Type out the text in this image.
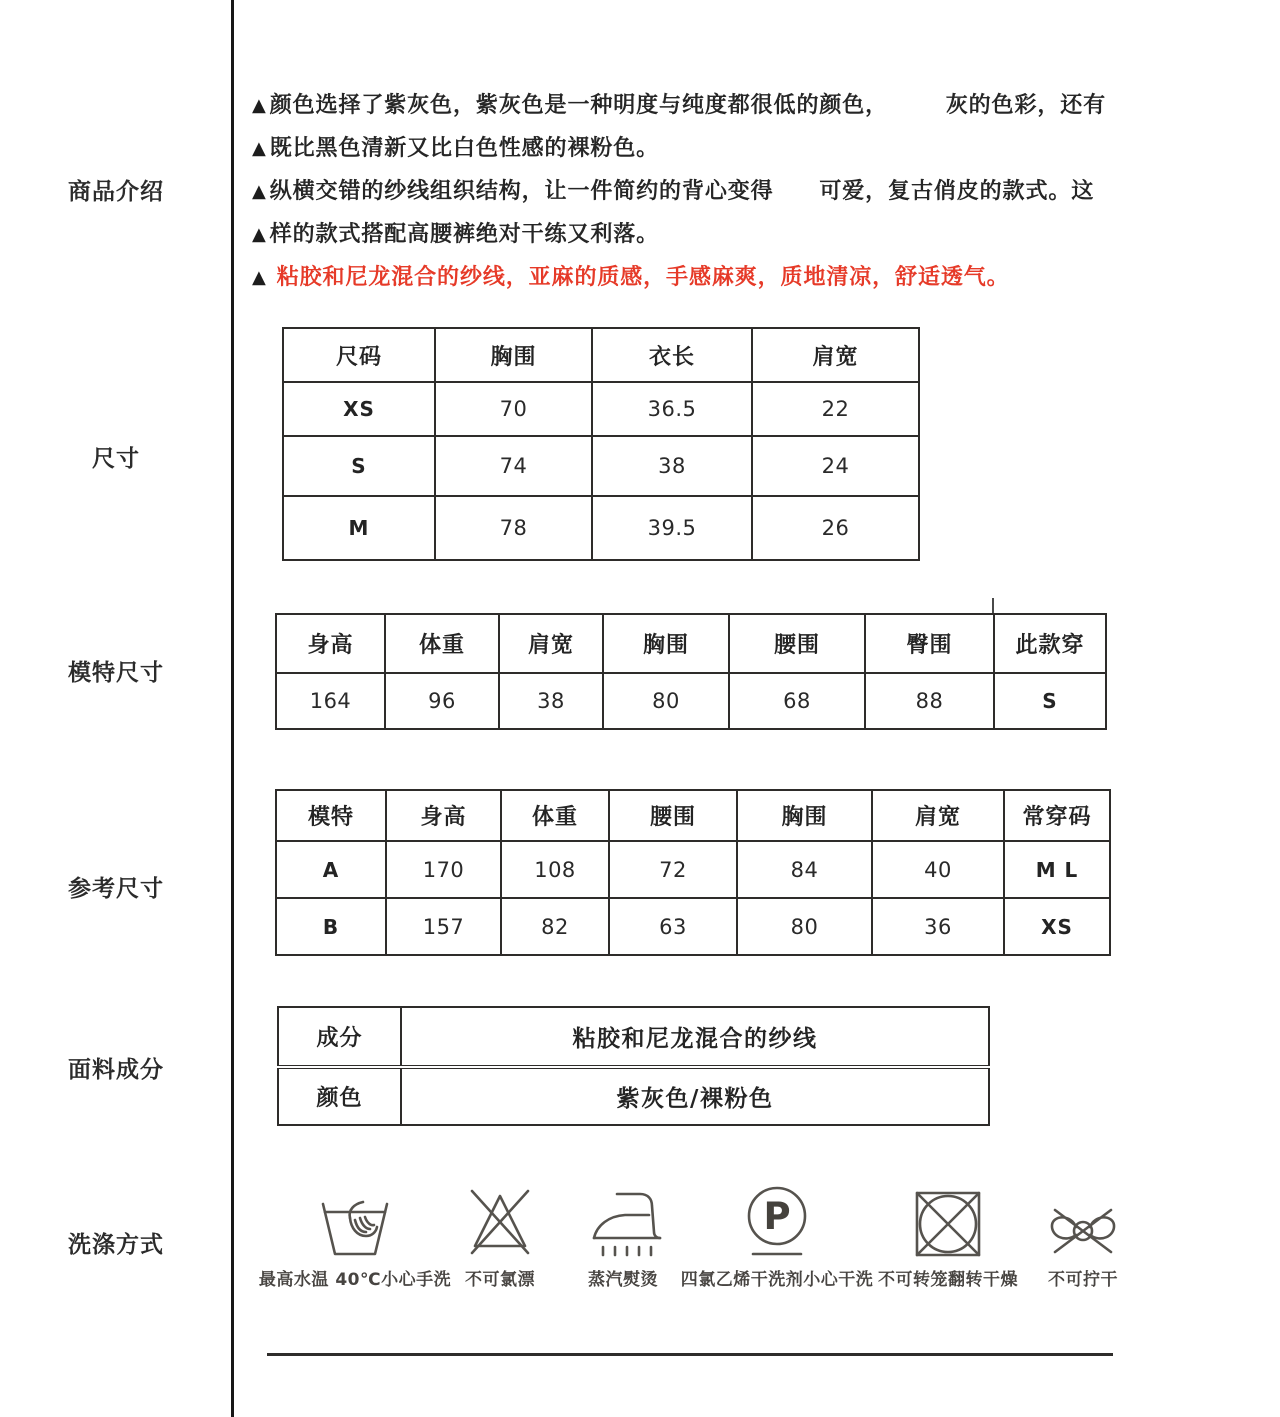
商品介绍
尺寸
模特尺寸
参考尺寸
面料成分
洗涤方式
▲ 颜色选择了紫灰色，紫灰色是一种明度与纯度都很低的颜色，　　　灰的色彩，还有
▲ 既比黑色清新又比白色性感的裸粉色。
▲ 纵横交错的纱线组织结构，让一件简约的背心变得　　可爱，复古俏皮的款式。这
▲ 样的款式搭配高腰裤绝对干练又利落。
▲ 粘胶和尼龙混合的纱线，亚麻的质感，手感麻爽，质地清凉，舒适透气。
尺码	胸围	衣长	肩宽
XS	70	36.5	22
S	74	38	24
M	78	39.5	26
身高	体重	肩宽	胸围	腰围	臀围	此款穿
164	96	38	80	68	88	S
模特	身高	体重	腰围	胸围	肩宽	常穿码
A	170	108	72	84	40	M L
B	157	82	63	80	36	XS
成分	粘胶和尼龙混合的纱线
颜色	紫灰色/裸粉色
最高水温 40℃小心手洗 不可氯漂	蒸汽熨烫
P
四氯乙烯干洗剂小心干洗 不可转笼翻转干燥 不可拧干
